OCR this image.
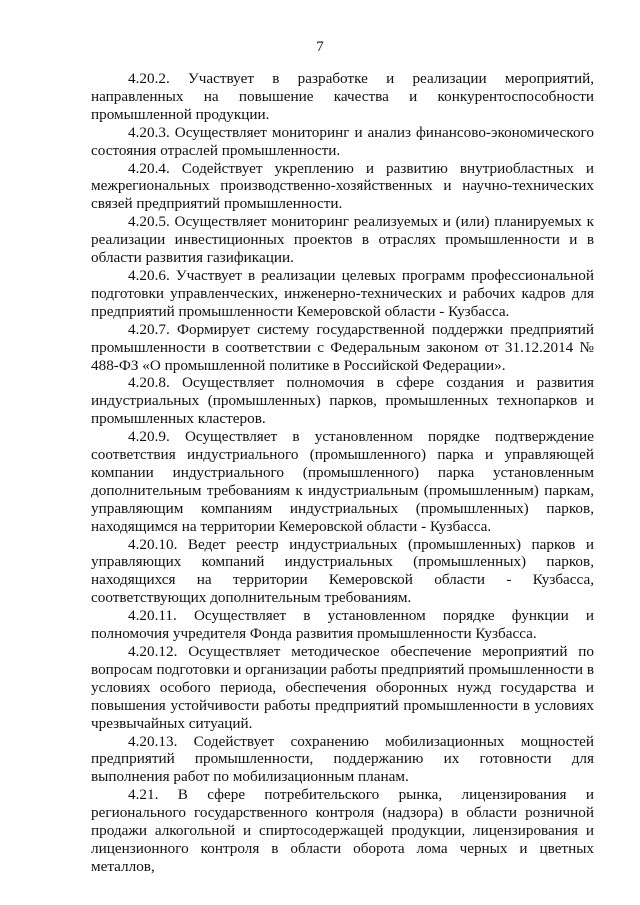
7

4.20.2. Участвует в разработке и реализации мероприятий, направленных на повышение качества и конкурентоспособности промышленной продукции.

4.20.3. Осуществляет мониторинг и анализ финансово-экономического состояния отраслей промышленности.

4.20.4. Содействует укреплению и развитию внутриобластных и межрегиональных производственно-хозяйственных и научно-технических связей предприятий промышленности.

4.20.5. Осуществляет мониторинг реализуемых и (или) планируемых к реализации инвестиционных проектов в отраслях промышленности и в области развития газификации.

4.20.6. Участвует в реализации целевых программ профессиональной подготовки управленческих, инженерно-технических и рабочих кадров для предприятий промышленности Кемеровской области - Кузбасса.

4.20.7. Формирует систему государственной поддержки предприятий промышленности в соответствии с Федеральным законом от 31.12.2014 № 488-ФЗ «О промышленной политике в Российской Федерации».

4.20.8. Осуществляет полномочия в сфере создания и развития индустриальных (промышленных) парков, промышленных технопарков и промышленных кластеров.

4.20.9. Осуществляет в установленном порядке подтверждение соответствия индустриального (промышленного) парка и управляющей компании индустриального (промышленного) парка установленным дополнительным требованиям к индустриальным (промышленным) паркам, управляющим компаниям индустриальных (промышленных) парков, находящимся на территории Кемеровской области - Кузбасса.

4.20.10. Ведет реестр индустриальных (промышленных) парков и управляющих компаний индустриальных (промышленных) парков, находящихся на территории Кемеровской области - Кузбасса, соответствующих дополнительным требованиям.

4.20.11. Осуществляет в установленном порядке функции и полномочия учредителя Фонда развития промышленности Кузбасса.

4.20.12. Осуществляет методическое обеспечение мероприятий по вопросам подготовки и организации работы предприятий промышленности в условиях особого периода, обеспечения оборонных нужд государства и повышения устойчивости работы предприятий промышленности в условиях чрезвычайных ситуаций.

4.20.13. Содействует сохранению мобилизационных мощностей предприятий промышленности, поддержанию их готовности для выполнения работ по мобилизационным планам.

4.21. В сфере потребительского рынка, лицензирования и регионального государственного контроля (надзора) в области розничной продажи алкогольной и спиртосодержащей продукции, лицензирования и лицензионного контроля в области оборота лома черных и цветных металлов,
